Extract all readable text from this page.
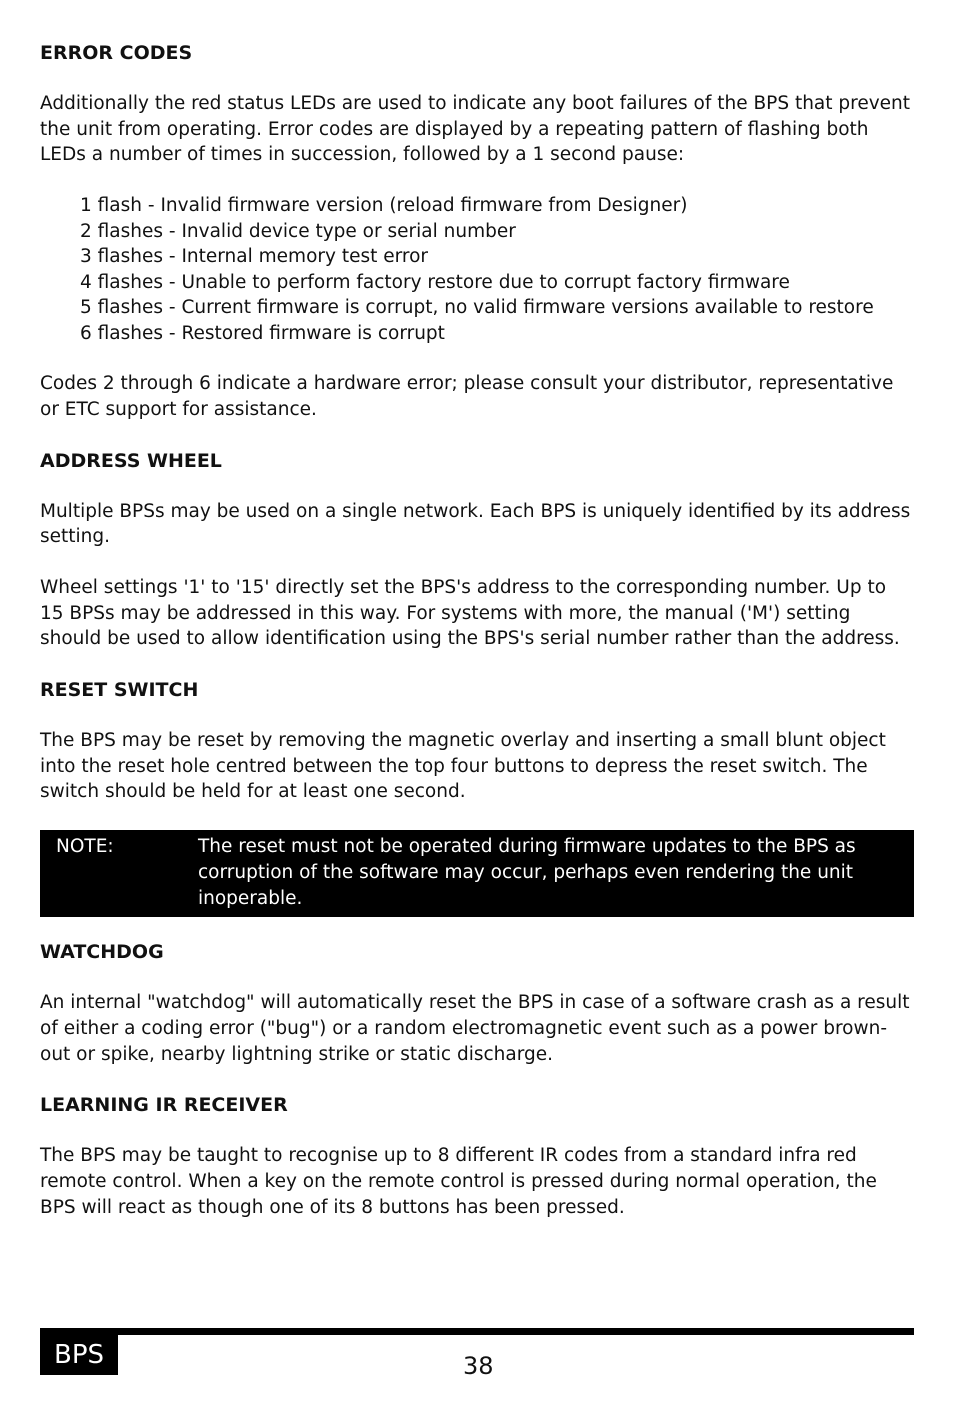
ERROR CODES
Additionally the red status LEDs are used to indicate any boot failures of the BPS that prevent the unit from operating. Error codes are displayed by a repeating pattern of flashing both LEDs a number of times in succession, followed by a 1 second pause:
1 flash - Invalid firmware version (reload firmware from Designer)
2 flashes - Invalid device type or serial number
3 flashes - Internal memory test error
4 flashes - Unable to perform factory restore due to corrupt factory firmware
5 flashes - Current firmware is corrupt, no valid firmware versions available to restore
6 flashes - Restored firmware is corrupt
Codes 2 through 6 indicate a hardware error; please consult your distributor, representative or ETC support for assistance.
ADDRESS WHEEL
Multiple BPSs may be used on a single network. Each BPS is uniquely identified by its address setting.
Wheel settings '1' to '15' directly set the BPS's address to the corresponding number. Up to 15 BPSs may be addressed in this way. For systems with more, the manual ('M') setting should be used to allow identification using the BPS's serial number rather than the address.
RESET SWITCH
The BPS may be reset by removing the magnetic overlay and inserting a small blunt object into the reset hole centred between the top four buttons to depress the reset switch. The switch should be held for at least one second.
NOTE:	The reset must not be operated during firmware updates to the BPS as corruption of the software may occur, perhaps even rendering the unit inoperable.
WATCHDOG
An internal "watchdog" will automatically reset the BPS in case of a software crash as a result of either a coding error ("bug") or a random electromagnetic event such as a power brown-out or spike, nearby lightning strike or static discharge.
LEARNING IR RECEIVER
The BPS may be taught to recognise up to 8 different IR codes from a standard infra red remote control. When a key on the remote control is pressed during normal operation, the BPS will react as though one of its 8 buttons has been pressed.
BPS	38
